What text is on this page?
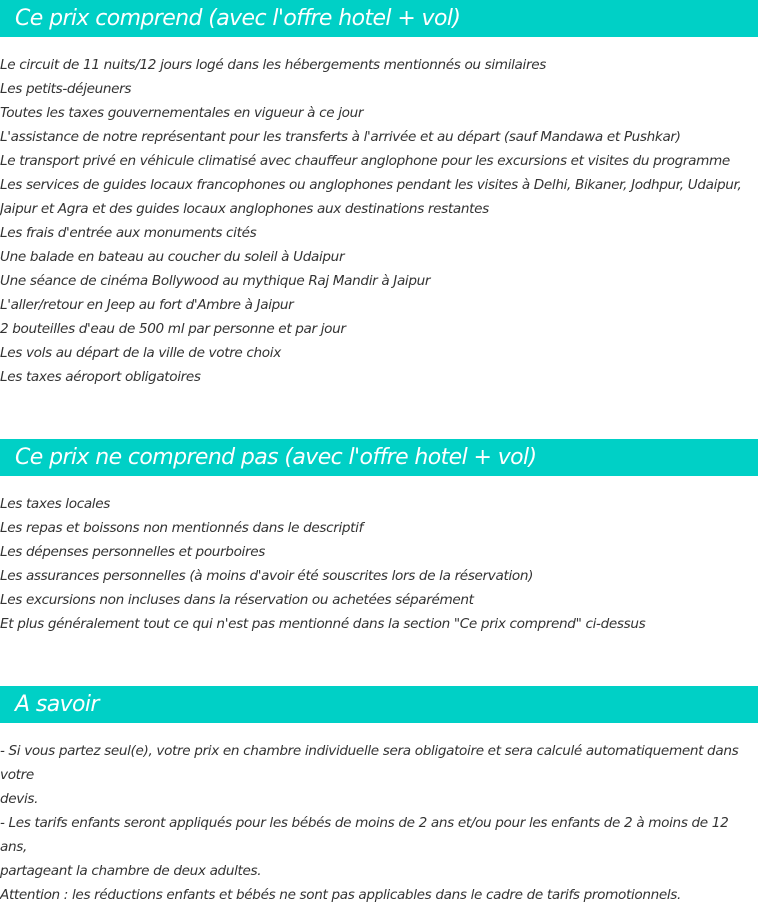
Ce prix comprend (avec l'offre hotel + vol)
Le circuit de 11 nuits/12 jours logé dans les hébergements mentionnés ou similaires
Les petits-déjeuners
Toutes les taxes gouvernementales en vigueur à ce jour
L'assistance de notre représentant pour les transferts à l'arrivée et au départ (sauf Mandawa et Pushkar)
Le transport privé en véhicule climatisé avec chauffeur anglophone pour les excursions et visites du programme
Les services de guides locaux francophones ou anglophones pendant les visites à Delhi, Bikaner, Jodhpur, Udaipur,
Jaipur et Agra et des guides locaux anglophones aux destinations restantes
Les frais d'entrée aux monuments cités
Une balade en bateau au coucher du soleil à Udaipur
Une séance de cinéma Bollywood au mythique Raj Mandir à Jaipur
L'aller/retour en Jeep au fort d'Ambre à Jaipur
2 bouteilles d'eau de 500 ml par personne et par jour
Les vols au départ de la ville de votre choix
Les taxes aéroport obligatoires
Ce prix ne comprend pas (avec l'offre hotel + vol)
Les taxes locales
Les repas et boissons non mentionnés dans le descriptif
Les dépenses personnelles et pourboires
Les assurances personnelles (à moins d'avoir été souscrites lors de la réservation)
Les excursions non incluses dans la réservation ou achetées séparément
Et plus généralement tout ce qui n'est pas mentionné dans la section "Ce prix comprend" ci-dessus
A savoir
- Si vous partez seul(e), votre prix en chambre individuelle sera obligatoire et sera calculé automatiquement dans votre
devis.
- Les tarifs enfants seront appliqués pour les bébés de moins de 2 ans et/ou pour les enfants de 2 à moins de 12 ans,
partageant la chambre de deux adultes.
Attention : les réductions enfants et bébés ne sont pas applicables dans le cadre de tarifs promotionnels.
